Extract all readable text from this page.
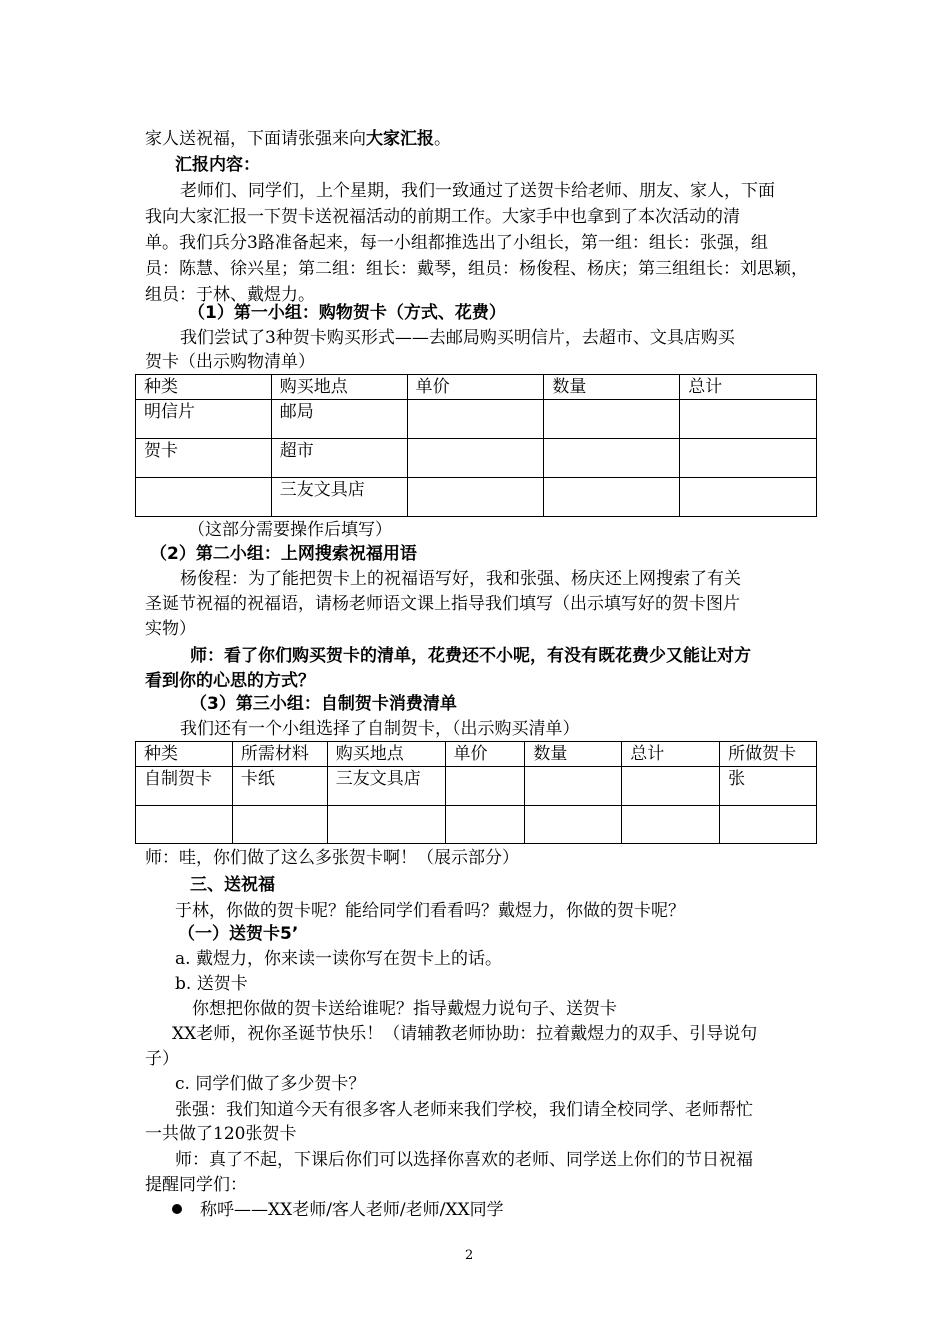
家人送祝福，下面请张强来向大家汇报。
汇报内容：
老师们、同学们，上个星期，我们一致通过了送贺卡给老师、朋友、家人，下面
我向大家汇报一下贺卡送祝福活动的前期工作。大家手中也拿到了本次活动的清
单。我们兵分3路准备起来，每一小组都推选出了小组长，第一组：组长：张强，组
员：陈慧、徐兴星；第二组：组长：戴琴，组员：杨俊程、杨庆；第三组组长：刘思颖，
组员：于林、戴煜力。
（1）第一小组：购物贺卡（方式、花费）
我们尝试了3种贺卡购买形式——去邮局购买明信片，去超市、文具店购买
贺卡（出示购物清单）
种类	购买地点	单价	数量	总计
明信片	邮局			
贺卡	超市			
	三友文具店			
（这部分需要操作后填写）
（2）第二小组：上网搜索祝福用语
杨俊程：为了能把贺卡上的祝福语写好，我和张强、杨庆还上网搜索了有关
圣诞节祝福的祝福语，请杨老师语文课上指导我们填写（出示填写好的贺卡图片
实物）
师：看了你们购买贺卡的清单，花费还不小呢，有没有既花费少又能让对方
看到你的心思的方式？
（3）第三小组：自制贺卡消费清单
我们还有一个小组选择了自制贺卡，（出示购买清单）
种类	所需材料	购买地点	单价	数量	总计	所做贺卡
自制贺卡	卡纸	三友文具店				张

师：哇，你们做了这么多张贺卡啊！（展示部分）
三、送祝福
于林，你做的贺卡呢？能给同学们看看吗？戴煜力，你做的贺卡呢？
（一）送贺卡5’
a. 戴煜力，你来读一读你写在贺卡上的话。
b. 送贺卡
你想把你做的贺卡送给谁呢？指导戴煜力说句子、送贺卡
XX老师，祝你圣诞节快乐！（请辅教老师协助：拉着戴煜力的双手、引导说句
子）
c. 同学们做了多少贺卡？
张强：我们知道今天有很多客人老师来我们学校，我们请全校同学、老师帮忙
一共做了120张贺卡
师：真了不起，下课后你们可以选择你喜欢的老师、同学送上你们的节日祝福
提醒同学们：
称呼——XX老师/客人老师/老师/XX同学
2
